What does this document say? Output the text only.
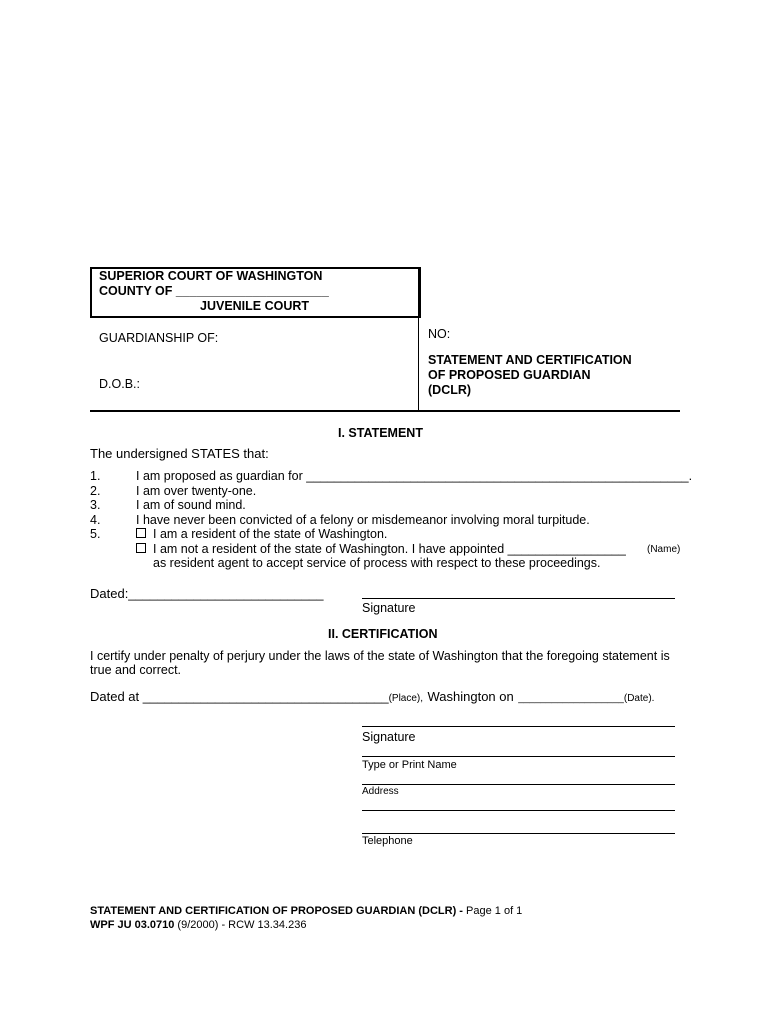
SUPERIOR COURT OF WASHINGTON
COUNTY OF ______________________
JUVENILE COURT
GUARDIANSHIP OF:
D.O.B.:
NO:
STATEMENT AND CERTIFICATION
OF PROPOSED GUARDIAN
(DCLR)
I. STATEMENT
The undersigned STATES that:
1.	I am proposed as guardian for _______________________________________________________.
2.	I am over twenty-one.
3.	I am of sound mind.
4.	I have never been convicted of a felony or misdemeanor involving moral turpitude.
5.	I am a resident of the state of Washington.
I am not a resident of the state of Washington. I have appointed _________________ (Name)
as resident agent to accept service of process with respect to these proceedings.
Dated:___________________________
Signature
II. CERTIFICATION
I certify under penalty of perjury under the laws of the state of Washington that the foregoing statement is
true and correct.
Dated at __________________________________(Place), Washington on ___________________(Date).
Signature
Type or Print Name
Address
Telephone
STATEMENT AND CERTIFICATION OF PROPOSED GUARDIAN (DCLR) - Page 1 of 1
WPF JU 03.0710 (9/2000) - RCW 13.34.236
